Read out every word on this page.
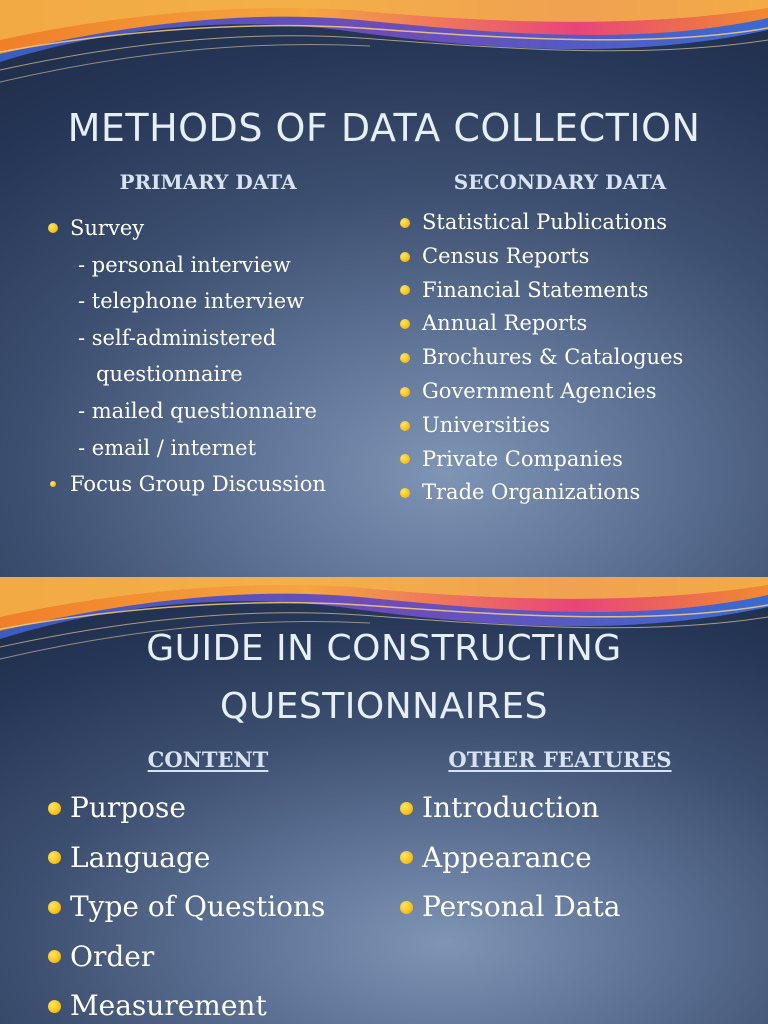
METHODS OF DATA COLLECTION
PRIMARY DATA	SECONDARY DATA
Survey
- personal interview
- telephone interview
- self-administered
questionnaire
- mailed questionnaire
- email / internet
Focus Group Discussion
Statistical Publications
Census Reports
Financial Statements
Annual Reports
Brochures & Catalogues
Government Agencies
Universities
Private Companies
Trade Organizations
GUIDE IN CONSTRUCTING
QUESTIONNAIRES
CONTENT	OTHER FEATURES
Purpose
Language
Type of Questions
Order
Measurement
Introduction
Appearance
Personal Data
